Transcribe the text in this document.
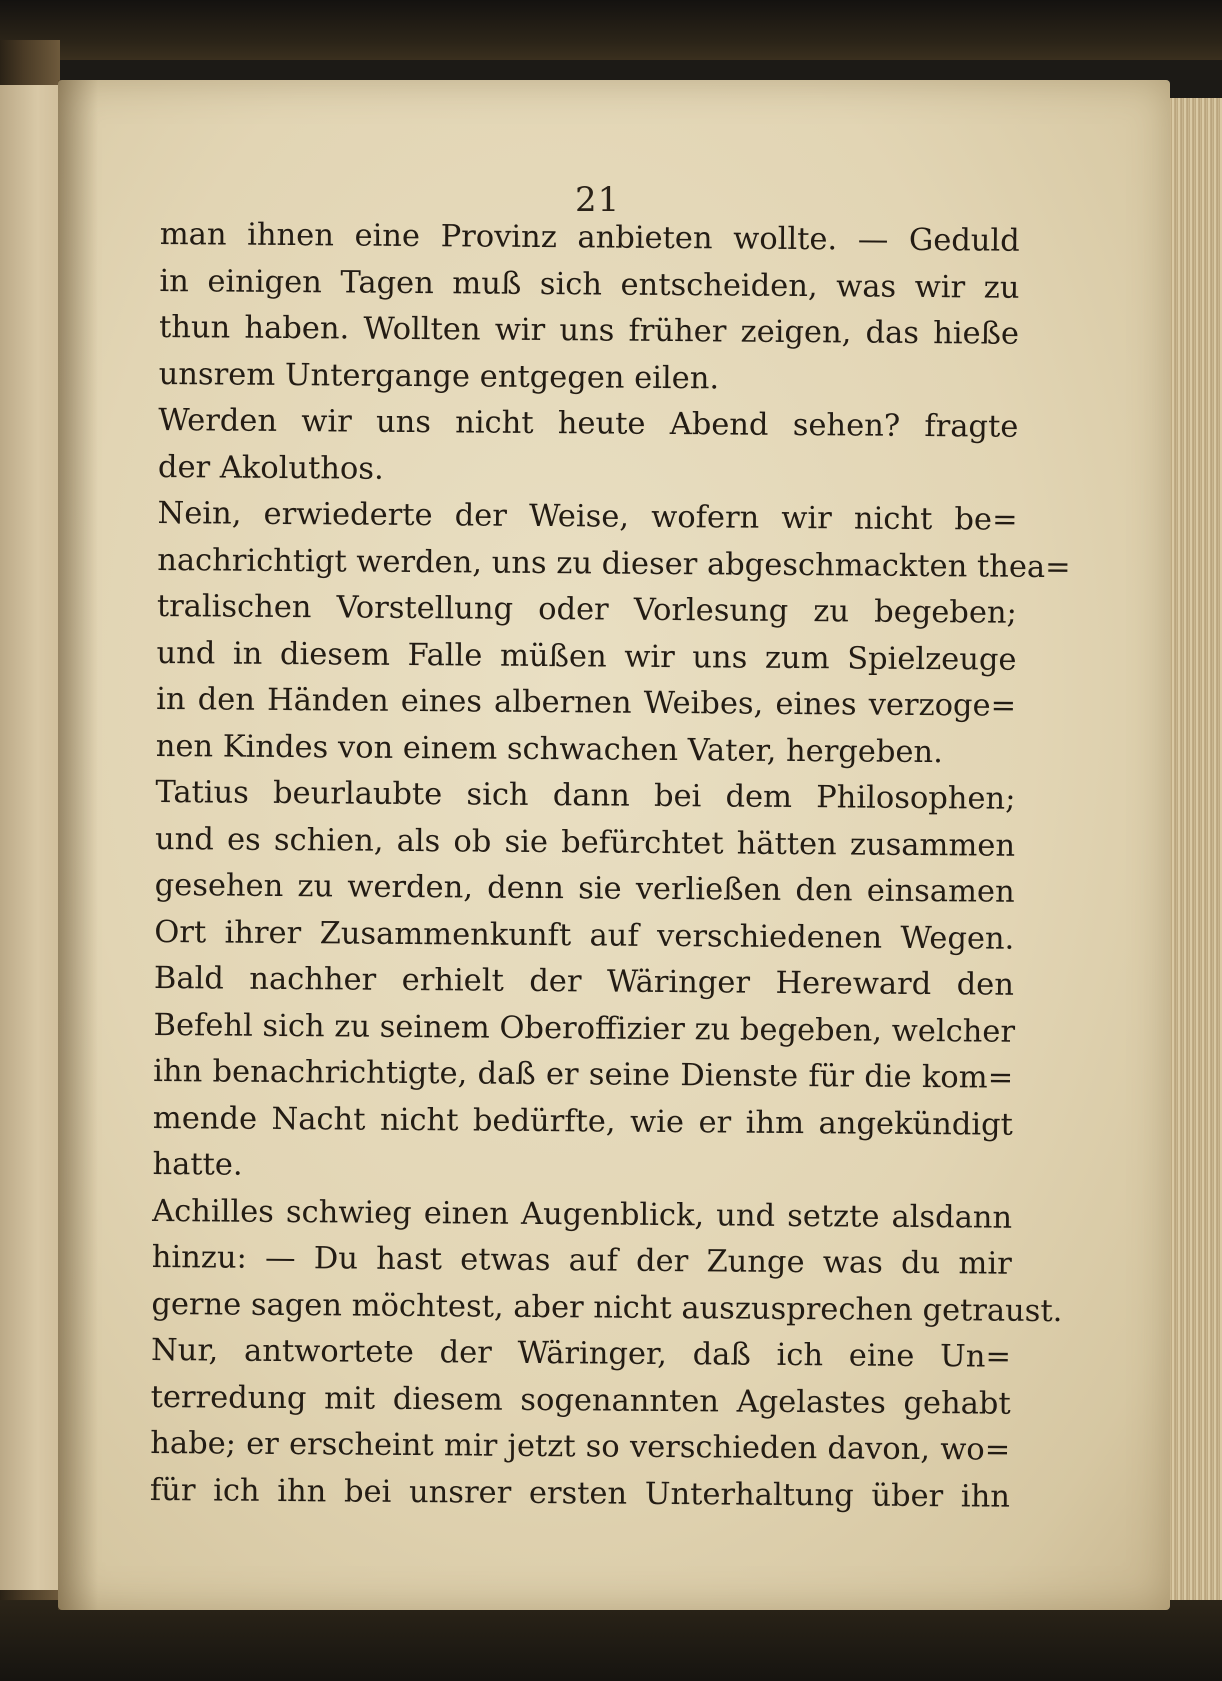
21
man ihnen eine Provinz anbieten wollte. — Geduld
in einigen Tagen muß sich entscheiden, was wir zu
thun haben. Wollten wir uns früher zeigen, das hieße
unsrem Untergange entgegen eilen.
Werden wir uns nicht heute Abend sehen? fragte
der Akoluthos.
Nein, erwiederte der Weise, wofern wir nicht be=
nachrichtigt werden, uns zu dieser abgeschmackten thea=
tralischen Vorstellung oder Vorlesung zu begeben;
und in diesem Falle müßen wir uns zum Spielzeuge
in den Händen eines albernen Weibes, eines verzoge=
nen Kindes von einem schwachen Vater, hergeben.
Tatius beurlaubte sich dann bei dem Philosophen;
und es schien, als ob sie befürchtet hätten zusammen
gesehen zu werden, denn sie verließen den einsamen
Ort ihrer Zusammenkunft auf verschiedenen Wegen.
Bald nachher erhielt der Wäringer Hereward den
Befehl sich zu seinem Oberoffizier zu begeben, welcher
ihn benachrichtigte, daß er seine Dienste für die kom=
mende Nacht nicht bedürfte, wie er ihm angekündigt
hatte.
Achilles schwieg einen Augenblick, und setzte alsdann
hinzu: — Du hast etwas auf der Zunge was du mir
gerne sagen möchtest, aber nicht auszusprechen getraust.
Nur, antwortete der Wäringer, daß ich eine Un=
terredung mit diesem sogenannten Agelastes gehabt
habe; er erscheint mir jetzt so verschieden davon, wo=
für ich ihn bei unsrer ersten Unterhaltung über ihn
